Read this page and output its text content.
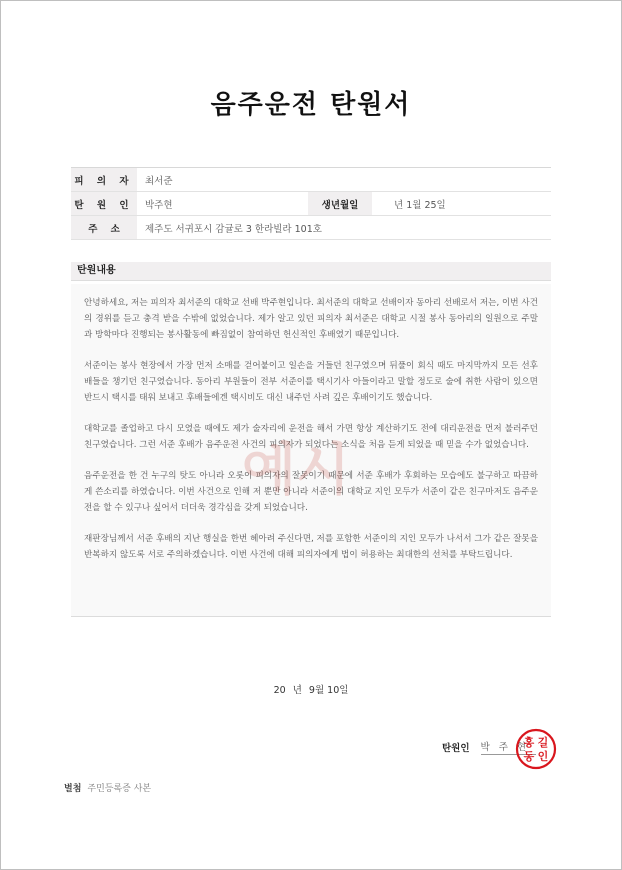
음주운전 탄원서
피 의 자	최서준
탄 원 인	박주현	생년월일	년 1월 25일
주    소	제주도 서귀포시 감귤로 3 한라빌라 101호
탄원내용

안녕하세요, 저는 피의자 최서준의 대학교 선배 박주현입니다. 최서준의 대학교 선배이자 동아리 선배로서 저는, 이번 사건의 경위를 듣고 충격 받을 수밖에 없었습니다. 제가 알고 있던 피의자 최서준은 대학교 시절 봉사 동아리의 일원으로 주말과 방학마다 진행되는 봉사활동에 빠짐없이 참여하던 헌신적인 후배였기 때문입니다.

서준이는 봉사 현장에서 가장 먼저 소매를 걷어붙이고 일손을 거들던 친구였으며 뒤풀이 회식 때도 마지막까지 모든 선후배들을 챙기던 친구였습니다. 동아리 부원들이 전부 서준이를 택시기사 아들이라고 말할 정도로 술에 취한 사람이 있으면 반드시 택시를 태워 보내고 후배들에겐 택시비도 대신 내주던 사려 깊은 후배이기도 했습니다.

대학교를 졸업하고 다시 모였을 때에도 제가 술자리에 운전을 해서 가면 항상 계산하기도 전에 대리운전을 먼저 불러주던 친구였습니다. 그런 서준 후배가 음주운전 사건의 피의자가 되었다는 소식을 처음 듣게 되었을 때 믿을 수가 없었습니다.

음주운전을 한 건 누구의 탓도 아니라 오롯이 피의자의 잘못이기 때문에 서준 후배가 후회하는 모습에도 불구하고 따끔하게 쓴소리를 하였습니다. 이번 사건으로 인해 저 뿐만 아니라 서준이의 대학교 지인 모두가 서준이 같은 친구마저도 음주운전을 할 수 있구나 싶어서 더더욱 경각심을 갖게 되었습니다.

재판장님께서 서준 후배의 지난 행실을 한번 헤아려 주신다면, 저를 포함한 서준이의 지인 모두가 나서서 그가 같은 잘못을 반복하지 않도록 서로 주의하겠습니다. 이번 사건에 대해 피의자에게 법이 허용하는 최대한의 선처를 부탁드립니다.

20 년 9월 10일
탄원인 박 주 현
홍 길
동 인
별첨 주민등록증 사본
